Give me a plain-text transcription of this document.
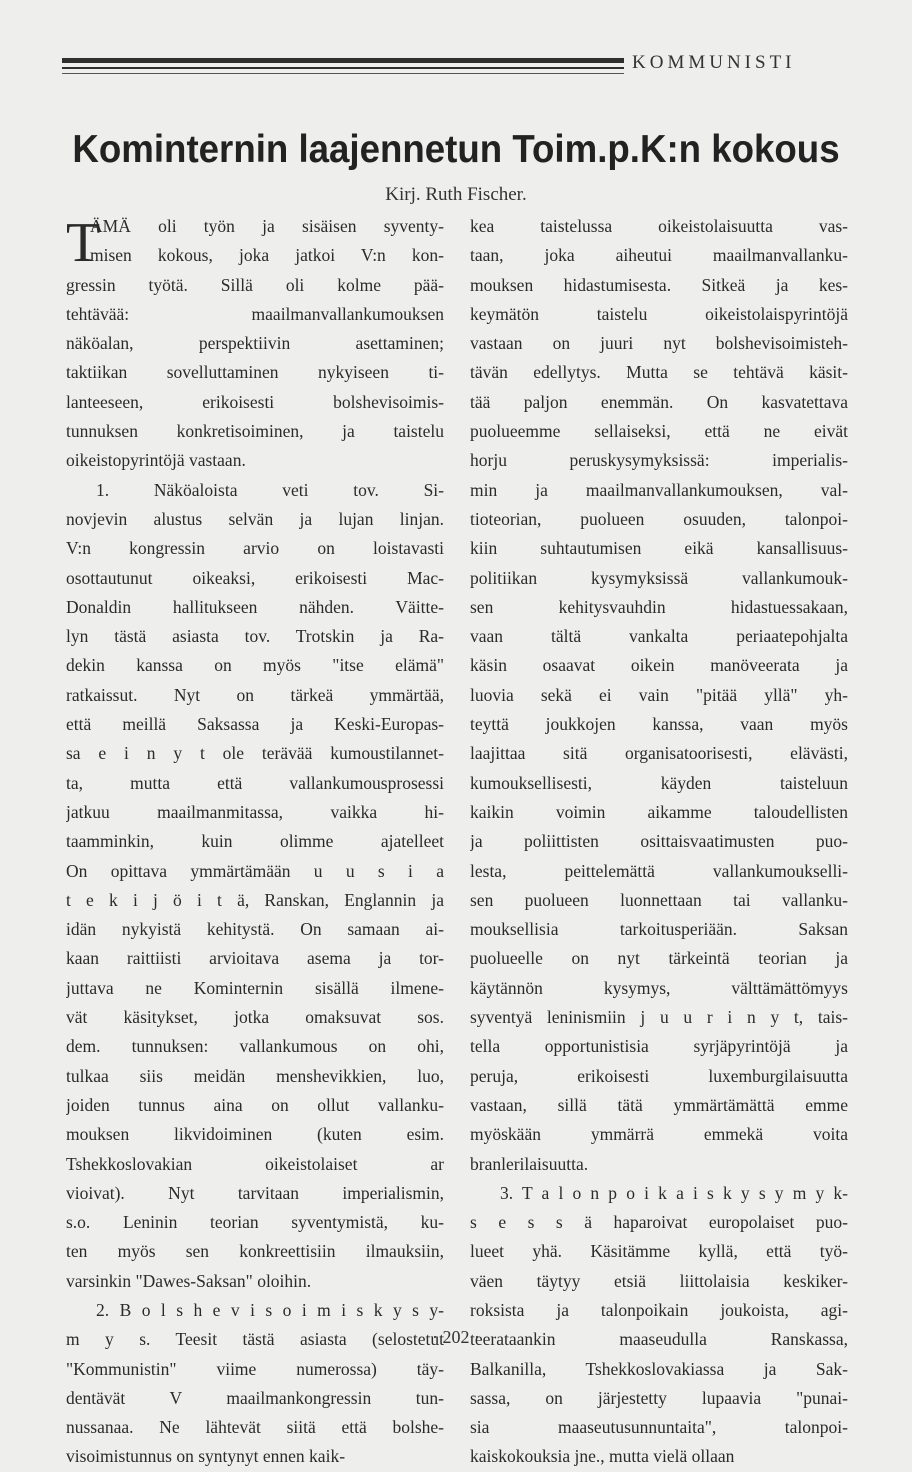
KOMMUNISTI
Kominternin laajennetun Toim.p.K:n kokous
Kirj. Ruth Fischer.
T
ÄMÄ oli työn ja sisäisen syventy-
misen kokous, joka jatkoi V:n kon-
gressin työtä. Sillä oli kolme pää-
tehtävää: maailmanvallankumouksen
näköalan, perspektiivin asettaminen;
taktiikan sovelluttaminen nykyiseen ti-
lanteeseen, erikoisesti bolshevisoimis-
tunnuksen konkretisoiminen, ja taistelu
oikeistopyrintöjä vastaan.
1. Näköaloista veti tov. Si-
novjevin alustus selvän ja lujan linjan.
V:n kongressin arvio on loistavasti
osottautunut oikeaksi, erikoisesti Mac-
Donaldin hallitukseen nähden. Väitte-
lyn tästä asiasta tov. Trotskin ja Ra-
dekin kanssa on myös "itse elämä"
ratkaissut. Nyt on tärkeä ymmärtää,
että meillä Saksassa ja Keski-Europas-
sa e i n y t ole terävää kumoustilannet-
ta, mutta että vallankumousprosessi
jatkuu maailmanmitassa, vaikka hi-
taamminkin, kuin olimme ajatelleet
On opittava ymmärtämään u u s i a
t e k i j ö i t ä, Ranskan, Englannin ja
idän nykyistä kehitystä. On samaan ai-
kaan raittiisti arvioitava asema ja tor-
juttava ne Kominternin sisällä ilmene-
vät käsitykset, jotka omaksuvat sos.
dem. tunnuksen: vallankumous on ohi,
tulkaa siis meidän menshevikkien, luo,
joiden tunnus aina on ollut vallanku-
mouksen likvidoiminen (kuten esim.
Tshekkoslovakian oikeistolaiset ar
vioivat). Nyt tarvitaan imperialismin,
s.o. Leninin teorian syventymistä, ku-
ten myös sen konkreettisiin ilmauksiin,
varsinkin "Dawes-Saksan" oloihin.
2. B o l s h e v i s o i m i s k y s y-
m y s. Teesit tästä asiasta (selostetut
"Kommunistin" viime numerossa) täy-
dentävät V maailmankongressin tun-
nussanaa. Ne lähtevät siitä että bolshe-
visoimistunnus on syntynyt ennen kaik-
kea taistelussa oikeistolaisuutta vas-
taan, joka aiheutui maailmanvallanku-
mouksen hidastumisesta. Sitkeä ja kes-
keymätön taistelu oikeistolaispyrintöjä
vastaan on juuri nyt bolshevisoimisteh-
tävän edellytys. Mutta se tehtävä käsit-
tää paljon enemmän. On kasvatettava
puolueemme sellaiseksi, että ne eivät
horju peruskysymyksissä: imperialis-
min ja maailmanvallankumouksen, val-
tioteorian, puolueen osuuden, talonpoi-
kiin suhtautumisen eikä kansallisuus-
politiikan kysymyksissä vallankumouk-
sen kehitysvauhdin hidastuessakaan,
vaan tältä vankalta periaatepohjalta
käsin osaavat oikein manöveerata ja
luovia sekä ei vain "pitää yllä" yh-
teyttä joukkojen kanssa, vaan myös
laajittaa sitä organisatoorisesti, elävästi,
kumouksellisesti, käyden taisteluun
kaikin voimin aikamme taloudellisten
ja poliittisten osittaisvaatimusten puo-
lesta, peittelemättä vallankumoukselli-
sen puolueen luonnettaan tai vallanku-
mouksellisia tarkoitusperiään. Saksan
puolueelle on nyt tärkeintä teorian ja
käytännön kysymys, välttämättömyys
syventyä leninismiin j u u r i n y t, tais-
tella opportunistisia syrjäpyrintöjä ja
peruja, erikoisesti luxemburgilaisuutta
vastaan, sillä tätä ymmärtämättä emme
myöskään ymmärrä emmekä voita
branlerilaisuutta.
3. T a l o n p o i k a i s k y s y m y k-
s e s s ä haparoivat europolaiset puo-
lueet yhä. Käsitämme kyllä, että työ-
väen täytyy etsiä liittolaisia keskiker-
roksista ja talonpoikain joukoista, agi-
teerataankin maaseudulla Ranskassa,
Balkanilla, Tshekkoslovakiassa ja Sak-
sassa, on järjestetty lupaavia "punai-
sia maaseutusunnuntaita", talonpoi-
kaiskokouksia jne., mutta vielä ollaan
· 202 ·
